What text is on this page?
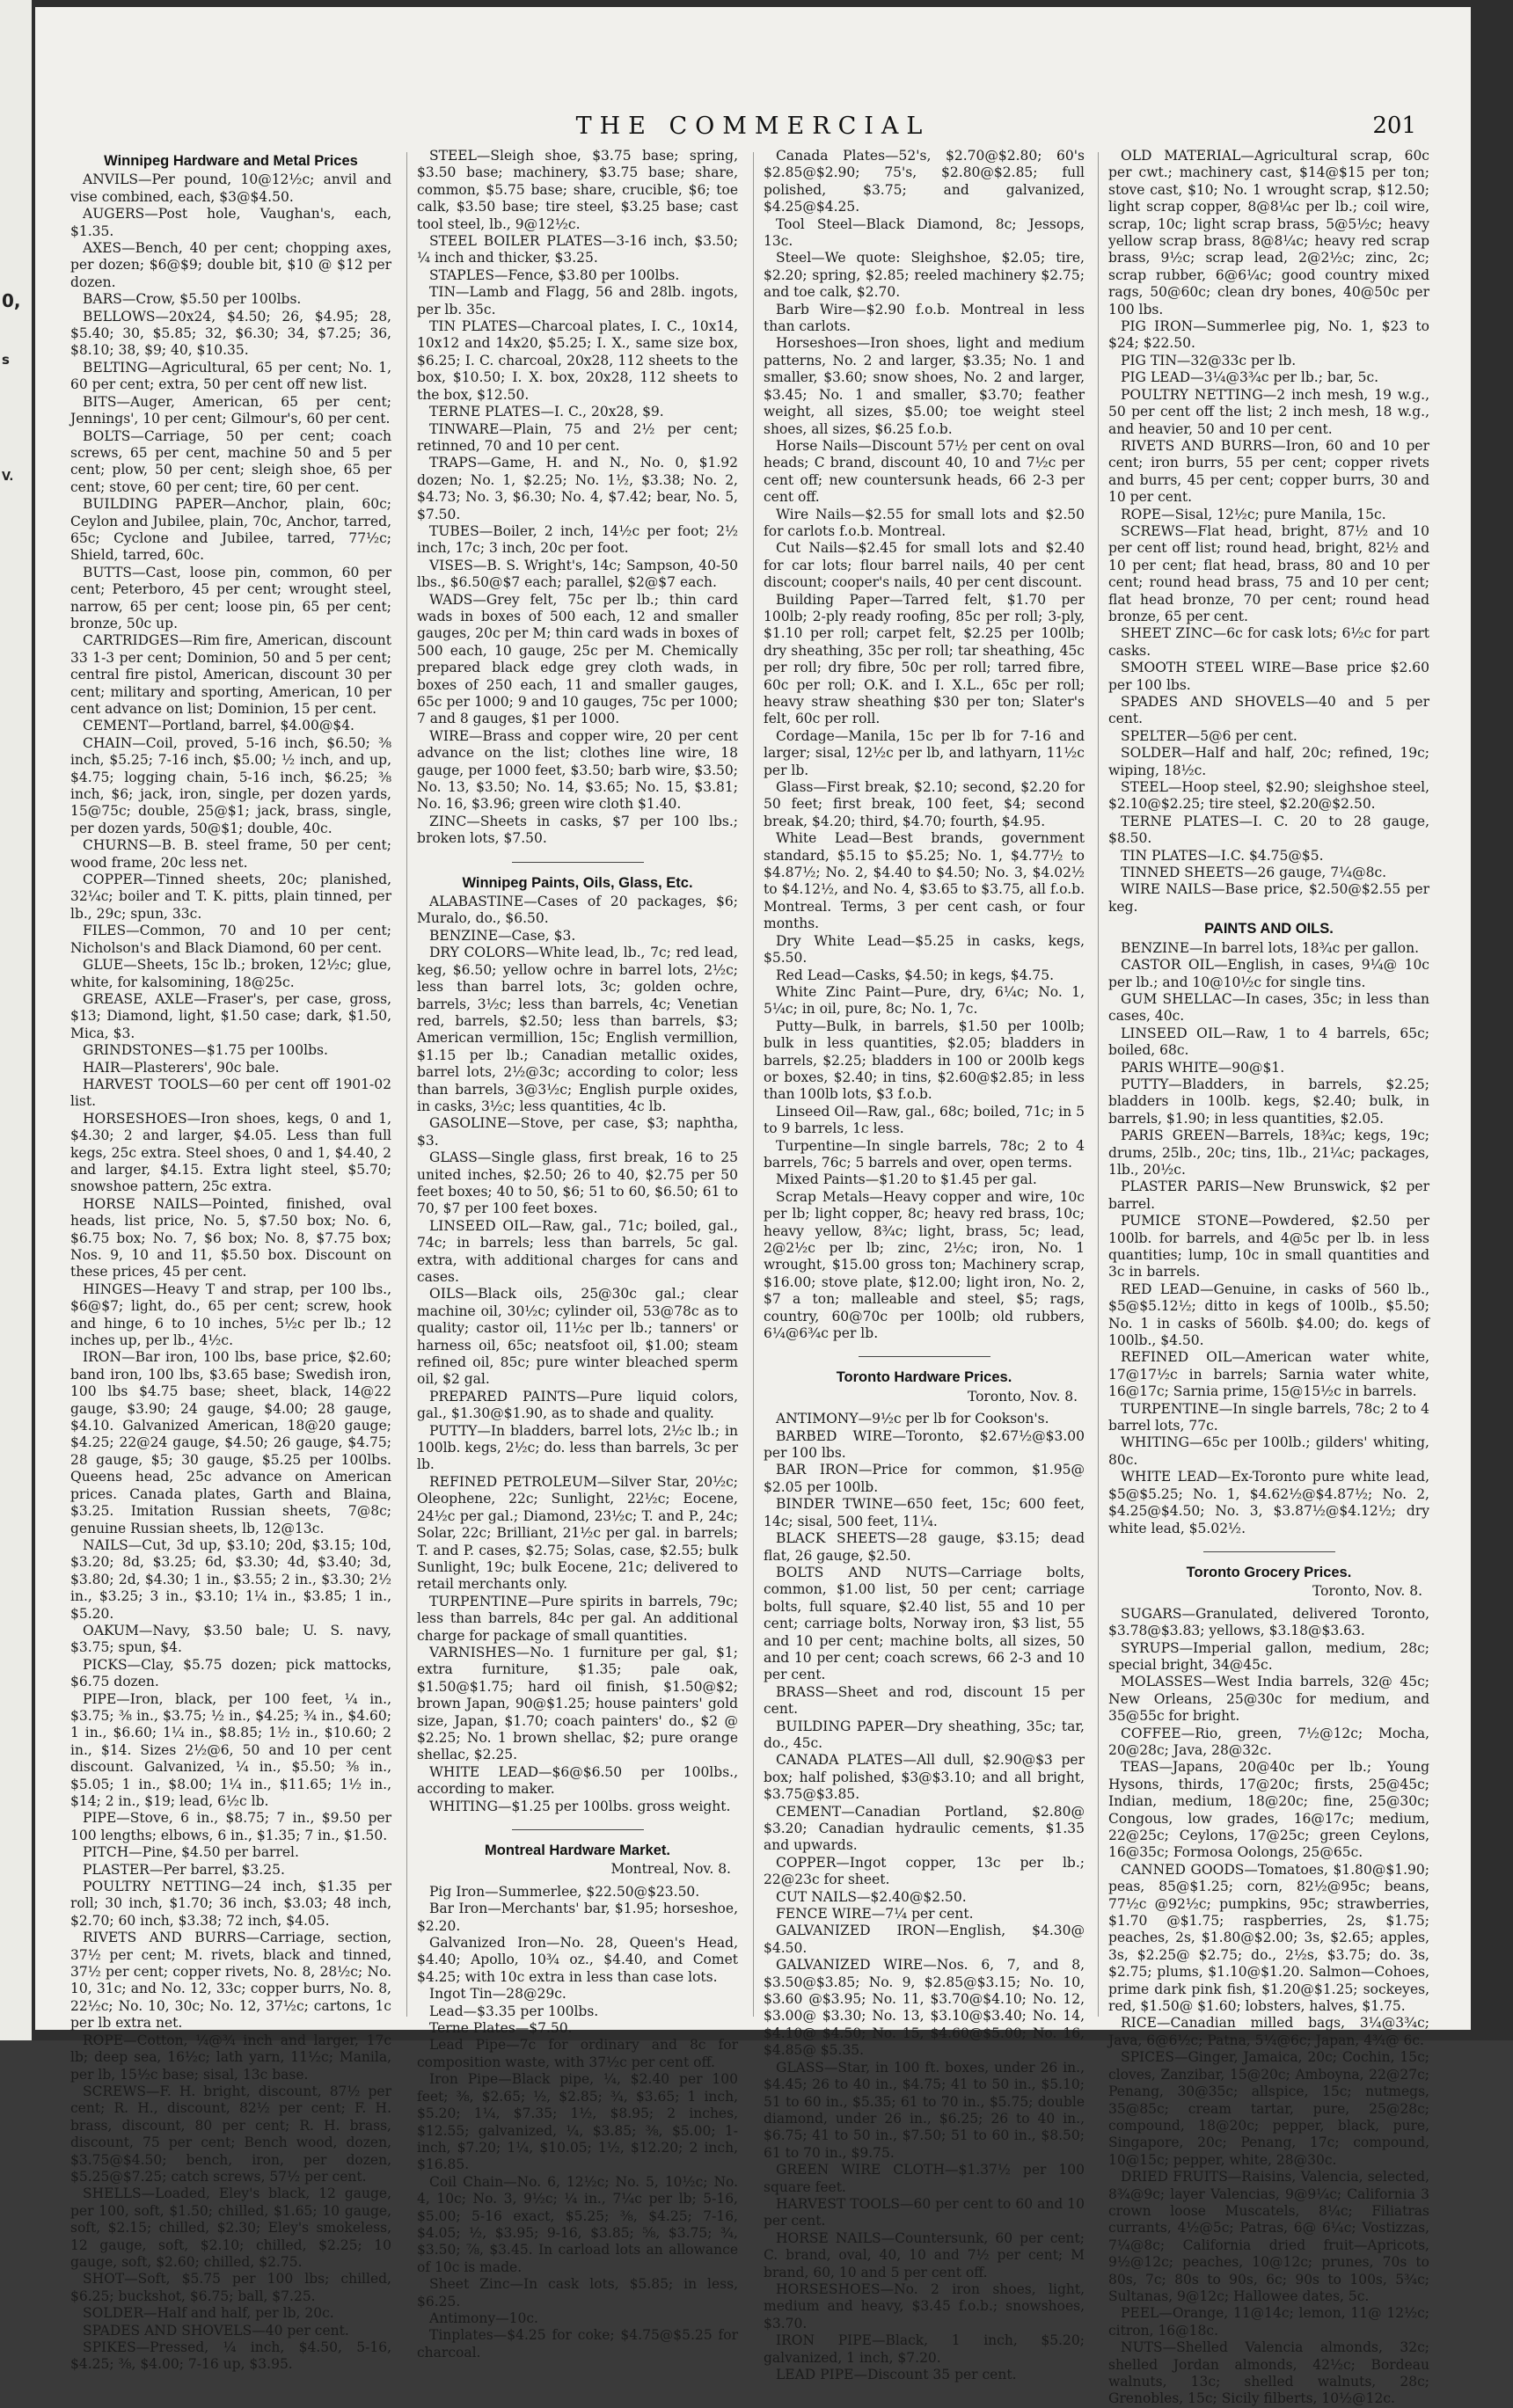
0,
s
V.
THE COMMERCIAL	201
Winnipeg Hardware and Metal Prices

ANVILS—Per pound, 10@12½c; anvil and vise combined, each, $3@$4.50.

AUGERS—Post hole, Vaughan's, each, $1.35.

AXES—Bench, 40 per cent; chopping axes, per dozen; $6@$9; double bit, $10 @ $12 per dozen.

BARS—Crow, $5.50 per 100lbs.

BELLOWS—20x24, $4.50; 26, $4.95; 28, $5.40; 30, $5.85; 32, $6.30; 34, $7.25; 36, $8.10; 38, $9; 40, $10.35.

BELTING—Agricultural, 65 per cent; No. 1, 60 per cent; extra, 50 per cent off new list.

BITS—Auger, American, 65 per cent; Jennings', 10 per cent; Gilmour's, 60 per cent.

BOLTS—Carriage, 50 per cent; coach screws, 65 per cent, machine 50 and 5 per cent; plow, 50 per cent; sleigh shoe, 65 per cent; stove, 60 per cent; tire, 60 per cent.

BUILDING PAPER—Anchor, plain, 60c; Ceylon and Jubilee, plain, 70c, Anchor, tarred, 65c; Cyclone and Jubilee, tarred, 77½c; Shield, tarred, 60c.

BUTTS—Cast, loose pin, common, 60 per cent; Peterboro, 45 per cent; wrought steel, narrow, 65 per cent; loose pin, 65 per cent; bronze, 50c up.

CARTRIDGES—Rim fire, American, discount 33 1-3 per cent; Dominion, 50 and 5 per cent; central fire pistol, American, discount 30 per cent; military and sporting, American, 10 per cent advance on list; Dominion, 15 per cent.

CEMENT—Portland, barrel, $4.00@$4.

CHAIN—Coil, proved, 5-16 inch, $6.50; ⅜ inch, $5.25; 7-16 inch, $5.00; ½ inch, and up, $4.75; logging chain, 5-16 inch, $6.25; ⅜ inch, $6; jack, iron, single, per dozen yards, 15@75c; double, 25@$1; jack, brass, single, per dozen yards, 50@$1; double, 40c.

CHURNS—B. B. steel frame, 50 per cent; wood frame, 20c less net.

COPPER—Tinned sheets, 20c; planished, 32¼c; boiler and T. K. pitts, plain tinned, per lb., 29c; spun, 33c.

FILES—Common, 70 and 10 per cent; Nicholson's and Black Diamond, 60 per cent.

GLUE—Sheets, 15c lb.; broken, 12½c; glue, white, for kalsomining, 18@25c.

GREASE, AXLE—Fraser's, per case, gross, $13; Diamond, light, $1.50 case; dark, $1.50, Mica, $3.

GRINDSTONES—$1.75 per 100lbs.

HAIR—Plasterers', 90c bale.

HARVEST TOOLS—60 per cent off 1901-02 list.

HORSESHOES—Iron shoes, kegs, 0 and 1, $4.30; 2 and larger, $4.05. Less than full kegs, 25c extra. Steel shoes, 0 and 1, $4.40, 2 and larger, $4.15. Extra light steel, $5.70; snowshoe pattern, 25c extra.

HORSE NAILS—Pointed, finished, oval heads, list price, No. 5, $7.50 box; No. 6, $6.75 box; No. 7, $6 box; No. 8, $7.75 box; Nos. 9, 10 and 11, $5.50 box. Discount on these prices, 45 per cent.

HINGES—Heavy T and strap, per 100 lbs., $6@$7; light, do., 65 per cent; screw, hook and hinge, 6 to 10 inches, 5½c per lb.; 12 inches up, per lb., 4½c.

IRON—Bar iron, 100 lbs, base price, $2.60; band iron, 100 lbs, $3.65 base; Swedish iron, 100 lbs $4.75 base; sheet, black, 14@22 gauge, $3.90; 24 gauge, $4.00; 28 gauge, $4.10. Galvanized American, 18@20 gauge; $4.25; 22@24 gauge, $4.50; 26 gauge, $4.75; 28 gauge, $5; 30 gauge, $5.25 per 100lbs. Queens head, 25c advance on American prices. Canada plates, Garth and Blaina, $3.25. Imitation Russian sheets, 7@8c; genuine Russian sheets, lb, 12@13c.

NAILS—Cut, 3d up, $3.10; 20d, $3.15; 10d, $3.20; 8d, $3.25; 6d, $3.30; 4d, $3.40; 3d, $3.80; 2d, $4.30; 1 in., $3.55; 2 in., $3.30; 2½ in., $3.25; 3 in., $3.10; 1¼ in., $3.85; 1 in., $5.20.

OAKUM—Navy, $3.50 bale; U. S. navy, $3.75; spun, $4.

PICKS—Clay, $5.75 dozen; pick mattocks, $6.75 dozen.

PIPE—Iron, black, per 100 feet, ¼ in., $3.75; ⅜ in., $3.75; ½ in., $4.25; ¾ in., $4.60; 1 in., $6.60; 1¼ in., $8.85; 1½ in., $10.60; 2 in., $14. Sizes 2½@6, 50 and 10 per cent discount. Galvanized, ¼ in., $5.50; ⅜ in., $5.05; 1 in., $8.00; 1¼ in., $11.65; 1½ in., $14; 2 in., $19; lead, 6½c lb.

PIPE—Stove, 6 in., $8.75; 7 in., $9.50 per 100 lengths; elbows, 6 in., $1.35; 7 in., $1.50.

PITCH—Pine, $4.50 per barrel.

PLASTER—Per barrel, $3.25.

POULTRY NETTING—24 inch, $1.35 per roll; 30 inch, $1.70; 36 inch, $3.03; 48 inch, $2.70; 60 inch, $3.38; 72 inch, $4.05.

RIVETS AND BURRS—Carriage, section, 37½ per cent; M. rivets, black and tinned, 37½ per cent; copper rivets, No. 8, 28½c; No. 10, 31c; and No. 12, 33c; copper burrs, No. 8, 22½c; No. 10, 30c; No. 12, 37½c; cartons, 1c per lb extra net.

ROPE—Cotton, ¼@¾ inch and larger, 17c lb; deep sea, 16½c; lath yarn, 11½c; Manila, per lb, 15½c base; sisal, 13c base.

SCREWS—F. H. bright, discount, 87½ per cent; R. H., discount, 82½ per cent; F. H. brass, discount, 80 per cent; R. H. brass, discount, 75 per cent; Bench wood, dozen, $3.75@$4.50; bench, iron, per dozen, $5.25@$7.25; catch screws, 57½ per cent.

SHELLS—Loaded, Eley's black, 12 gauge, per 100, soft, $1.50; chilled, $1.65; 10 gauge, soft, $2.15; chilled, $2.30; Eley's smokeless, 12 gauge, soft, $2.10; chilled, $2.25; 10 gauge, soft, $2.60; chilled, $2.75.

SHOT—Soft, $5.75 per 100 lbs; chilled, $6.25; buckshot, $6.75; ball, $7.25.

SOLDER—Half and half, per lb, 20c.

SPADES AND SHOVELS—40 per cent.

SPIKES—Pressed, ¼ inch, $4.50, 5-16, $4.25; ⅜, $4.00; 7-16 up, $3.95.

STEEL—Sleigh shoe, $3.75 base; spring, $3.50 base; machinery, $3.75 base; share, common, $5.75 base; share, crucible, $6; toe calk, $3.50 base; tire steel, $3.25 base; cast tool steel, lb., 9@12½c.

STEEL BOILER PLATES—3-16 inch, $3.50; ¼ inch and thicker, $3.25.

STAPLES—Fence, $3.80 per 100lbs.

TIN—Lamb and Flagg, 56 and 28lb. ingots, per lb. 35c.

TIN PLATES—Charcoal plates, I. C., 10x14, 10x12 and 14x20, $5.25; I. X., same size box, $6.25; I. C. charcoal, 20x28, 112 sheets to the box, $10.50; I. X. box, 20x28, 112 sheets to the box, $12.50.

TERNE PLATES—I. C., 20x28, $9.

TINWARE—Plain, 75 and 2½ per cent; retinned, 70 and 10 per cent.

TRAPS—Game, H. and N., No. 0, $1.92 dozen; No. 1, $2.25; No. 1½, $3.38; No. 2, $4.73; No. 3, $6.30; No. 4, $7.42; bear, No. 5, $7.50.

TUBES—Boiler, 2 inch, 14½c per foot; 2½ inch, 17c; 3 inch, 20c per foot.

VISES—B. S. Wright's, 14c; Sampson, 40-50 lbs., $6.50@$7 each; parallel, $2@$7 each.

WADS—Grey felt, 75c per lb.; thin card wads in boxes of 500 each, 12 and smaller gauges, 20c per M; thin card wads in boxes of 500 each, 10 gauge, 25c per M. Chemically prepared black edge grey cloth wads, in boxes of 250 each, 11 and smaller gauges, 65c per 1000; 9 and 10 gauges, 75c per 1000; 7 and 8 gauges, $1 per 1000.

WIRE—Brass and copper wire, 20 per cent advance on the list; clothes line wire, 18 gauge, per 1000 feet, $3.50; barb wire, $3.50; No. 13, $3.50; No. 14, $3.65; No. 15, $3.81; No. 16, $3.96; green wire cloth $1.40.

ZINC—Sheets in casks, $7 per 100 lbs.; broken lots, $7.50.

Winnipeg Paints, Oils, Glass, Etc.

ALABASTINE—Cases of 20 packages, $6; Muralo, do., $6.50.

BENZINE—Case, $3.

DRY COLORS—White lead, lb., 7c; red lead, keg, $6.50; yellow ochre in barrel lots, 2½c; less than barrel lots, 3c; golden ochre, barrels, 3½c; less than barrels, 4c; Venetian red, barrels, $2.50; less than barrels, $3; American vermillion, 15c; English vermillion, $1.15 per lb.; Canadian metallic oxides, barrel lots, 2½@3c; according to color; less than barrels, 3@3½c; English purple oxides, in casks, 3½c; less quantities, 4c lb.

GASOLINE—Stove, per case, $3; naphtha, $3.

GLASS—Single glass, first break, 16 to 25 united inches, $2.50; 26 to 40, $2.75 per 50 feet boxes; 40 to 50, $6; 51 to 60, $6.50; 61 to 70, $7 per 100 feet boxes.

LINSEED OIL—Raw, gal., 71c; boiled, gal., 74c; in barrels; less than barrels, 5c gal. extra, with additional charges for cans and cases.

OILS—Black oils, 25@30c gal.; clear machine oil, 30½c; cylinder oil, 53@78c as to quality; castor oil, 11½c per lb.; tanners' or harness oil, 65c; neatsfoot oil, $1.00; steam refined oil, 85c; pure winter bleached sperm oil, $2 gal.

PREPARED PAINTS—Pure liquid colors, gal., $1.30@$1.90, as to shade and quality.

PUTTY—In bladders, barrel lots, 2½c lb.; in 100lb. kegs, 2½c; do. less than barrels, 3c per lb.

REFINED PETROLEUM—Silver Star, 20½c; Oleophene, 22c; Sunlight, 22½c; Eocene, 24½c per gal.; Diamond, 23½c; T. and P., 24c; Solar, 22c; Brilliant, 21½c per gal. in barrels; T. and P. cases, $2.75; Solas, case, $2.55; bulk Sunlight, 19c; bulk Eocene, 21c; delivered to retail merchants only.

TURPENTINE—Pure spirits in barrels, 79c; less than barrels, 84c per gal. An additional charge for package of small quantities.

VARNISHES—No. 1 furniture per gal, $1; extra furniture, $1.35; pale oak, $1.50@$1.75; hard oil finish, $1.50@$2; brown Japan, 90@$1.25; house painters' gold size, Japan, $1.70; coach painters' do., $2 @ $2.25; No. 1 brown shellac, $2; pure orange shellac, $2.25.

WHITE LEAD—$6@$6.50 per 100lbs., according to maker.

WHITING—$1.25 per 100lbs. gross weight.

Montreal Hardware Market.
Montreal, Nov. 8.

Pig Iron—Summerlee, $22.50@$23.50.

Bar Iron—Merchants' bar, $1.95; horseshoe, $2.20.

Galvanized Iron—No. 28, Queen's Head, $4.40; Apollo, 10¾ oz., $4.40, and Comet $4.25; with 10c extra in less than case lots.

Ingot Tin—28@29c.

Lead—$3.35 per 100lbs.

Terne Plates—$7.50.

Lead Pipe—7c for ordinary and 8c for composition waste, with 37½c per cent off.

Iron Pipe—Black pipe, ¼, $2.40 per 100 feet; ⅜, $2.65; ½, $2.85; ¾, $3.65; 1 inch, $5.20; 1¼, $7.35; 1½, $8.95; 2 inches, $12.55; galvanized, ¼, $3.85; ⅜, $5.00; 1-inch, $7.20; 1¼, $10.05; 1½, $12.20; 2 inch, $16.85.

Coil Chain—No. 6, 12½c; No. 5, 10½c; No. 4, 10c; No. 3, 9½c; ¼ in., 7¼c per lb; 5-16, $5.00; 5-16 exact, $5.25; ⅜, $4.25; 7-16, $4.05; ½, $3.95; 9-16, $3.85; ⅝, $3.75; ¾, $3.50; ⅞, $3.45. In carload lots an allowance of 10c is made.

Sheet Zinc—In cask lots, $5.85; in less, $6.25.

Antimony—10c.

Tinplates—$4.25 for coke; $4.75@$5.25 for charcoal.

Canada Plates—52's, $2.70@$2.80; 60's $2.85@$2.90; 75's, $2.80@$2.85; full polished, $3.75; and galvanized, $4.25@$4.25.

Tool Steel—Black Diamond, 8c; Jessops, 13c.

Steel—We quote: Sleighshoe, $2.05; tire, $2.20; spring, $2.85; reeled machinery $2.75; and toe calk, $2.70.

Barb Wire—$2.90 f.o.b. Montreal in less than carlots.

Horseshoes—Iron shoes, light and medium patterns, No. 2 and larger, $3.35; No. 1 and smaller, $3.60; snow shoes, No. 2 and larger, $3.45; No. 1 and smaller, $3.70; feather weight, all sizes, $5.00; toe weight steel shoes, all sizes, $6.25 f.o.b.

Horse Nails—Discount 57½ per cent on oval heads; C brand, discount 40, 10 and 7½c per cent off; new countersunk heads, 66 2-3 per cent off.

Wire Nails—$2.55 for small lots and $2.50 for carlots f.o.b. Montreal.

Cut Nails—$2.45 for small lots and $2.40 for car lots; flour barrel nails, 40 per cent discount; cooper's nails, 40 per cent discount.

Building Paper—Tarred felt, $1.70 per 100lb; 2-ply ready roofing, 85c per roll; 3-ply, $1.10 per roll; carpet felt, $2.25 per 100lb; dry sheathing, 35c per roll; tar sheathing, 45c per roll; dry fibre, 50c per roll; tarred fibre, 60c per roll; O.K. and I. X.L., 65c per roll; heavy straw sheathing $30 per ton; Slater's felt, 60c per roll.

Cordage—Manila, 15c per lb for 7-16 and larger; sisal, 12½c per lb, and lathyarn, 11½c per lb.

Glass—First break, $2.10; second, $2.20 for 50 feet; first break, 100 feet, $4; second break, $4.20; third, $4.70; fourth, $4.95.

White Lead—Best brands, government standard, $5.15 to $5.25; No. 1, $4.77½ to $4.87½; No. 2, $4.40 to $4.50; No. 3, $4.02½ to $4.12½, and No. 4, $3.65 to $3.75, all f.o.b. Montreal. Terms, 3 per cent cash, or four months.

Dry White Lead—$5.25 in casks, kegs, $5.50.

Red Lead—Casks, $4.50; in kegs, $4.75.

White Zinc Paint—Pure, dry, 6¼c; No. 1, 5¼c; in oil, pure, 8c; No. 1, 7c.

Putty—Bulk, in barrels, $1.50 per 100lb; bulk in less quantities, $2.05; bladders in barrels, $2.25; bladders in 100 or 200lb kegs or boxes, $2.40; in tins, $2.60@$2.85; in less than 100lb lots, $3 f.o.b.

Linseed Oil—Raw, gal., 68c; boiled, 71c; in 5 to 9 barrels, 1c less.

Turpentine—In single barrels, 78c; 2 to 4 barrels, 76c; 5 barrels and over, open terms.

Mixed Paints—$1.20 to $1.45 per gal.

Scrap Metals—Heavy copper and wire, 10c per lb; light copper, 8c; heavy red brass, 10c; heavy yellow, 8¾c; light, brass, 5c; lead, 2@2½c per lb; zinc, 2½c; iron, No. 1 wrought, $15.00 gross ton; Machinery scrap, $16.00; stove plate, $12.00; light iron, No. 2, $7 a ton; malleable and steel, $5; rags, country, 60@70c per 100lb; old rubbers, 6¼@6¾c per lb.

Toronto Hardware Prices.
Toronto, Nov. 8.

ANTIMONY—9½c per lb for Cookson's.

BARBED WIRE—Toronto, $2.67½@$3.00 per 100 lbs.

BAR IRON—Price for common, $1.95@ $2.05 per 100lb.

BINDER TWINE—650 feet, 15c; 600 feet, 14c; sisal, 500 feet, 11¼.

BLACK SHEETS—28 gauge, $3.15; dead flat, 26 gauge, $2.50.

BOLTS AND NUTS—Carriage bolts, common, $1.00 list, 50 per cent; carriage bolts, full square, $2.40 list, 55 and 10 per cent; carriage bolts, Norway iron, $3 list, 55 and 10 per cent; machine bolts, all sizes, 50 and 10 per cent; coach screws, 66 2-3 and 10 per cent.

BRASS—Sheet and rod, discount 15 per cent.

BUILDING PAPER—Dry sheathing, 35c; tar, do., 45c.

CANADA PLATES—All dull, $2.90@$3 per box; half polished, $3@$3.10; and all bright, $3.75@$3.85.

CEMENT—Canadian Portland, $2.80@ $3.20; Canadian hydraulic cements, $1.35 and upwards.

COPPER—Ingot copper, 13c per lb.; 22@23c for sheet.

CUT NAILS—$2.40@$2.50.

FENCE WIRE—7¼ per cent.

GALVANIZED IRON—English, $4.30@ $4.50.

GALVANIZED WIRE—Nos. 6, 7, and 8, $3.50@$3.85; No. 9, $2.85@$3.15; No. 10, $3.60 @$3.95; No. 11, $3.70@$4.10; No. 12, $3.00@ $3.30; No. 13, $3.10@$3.40; No. 14, $4.10@ $4.50; No. 15, $4.60@$5.00; No. 16, $4.85@ $5.35.

GLASS—Star, in 100 ft. boxes, under 26 in., $4.45; 26 to 40 in., $4.75; 41 to 50 in., $5.10; 51 to 60 in., $5.35; 61 to 70 in., $5.75; double diamond, under 26 in., $6.25; 26 to 40 in., $6.75; 41 to 50 in., $7.50; 51 to 60 in., $8.50; 61 to 70 in., $9.75.

GREEN WIRE CLOTH—$1.37½ per 100 square feet.

HARVEST TOOLS—60 per cent to 60 and 10 per cent.

HORSE NAILS—Countersunk, 60 per cent; C. brand, oval, 40, 10 and 7½ per cent; M brand, 60, 10 and 5 per cent off.

HORSESHOES—No. 2 iron shoes, light, medium and heavy, $3.45 f.o.b.; snowshoes, $3.70.

IRON PIPE—Black, 1 inch, $5.20; galvanized, 1 inch, $7.20.

LEAD PIPE—Discount 35 per cent.

OLD MATERIAL—Agricultural scrap, 60c per cwt.; machinery cast, $14@$15 per ton; stove cast, $10; No. 1 wrought scrap, $12.50; light scrap copper, 8@8¼c per lb.; coil wire, scrap, 10c; light scrap brass, 5@5½c; heavy yellow scrap brass, 8@8¼c; heavy red scrap brass, 9½c; scrap lead, 2@2½c; zinc, 2c; scrap rubber, 6@6¼c; good country mixed rags, 50@60c; clean dry bones, 40@50c per 100 lbs.

PIG IRON—Summerlee pig, No. 1, $23 to $24; $22.50.

PIG TIN—32@33c per lb.

PIG LEAD—3¼@3¾c per lb.; bar, 5c.

POULTRY NETTING—2 inch mesh, 19 w.g., 50 per cent off the list; 2 inch mesh, 18 w.g., and heavier, 50 and 10 per cent.

RIVETS AND BURRS—Iron, 60 and 10 per cent; iron burrs, 55 per cent; copper rivets and burrs, 45 per cent; copper burrs, 30 and 10 per cent.

ROPE—Sisal, 12½c; pure Manila, 15c.

SCREWS—Flat head, bright, 87½ and 10 per cent off list; round head, bright, 82½ and 10 per cent; flat head, brass, 80 and 10 per cent; round head brass, 75 and 10 per cent; flat head bronze, 70 per cent; round head bronze, 65 per cent.

SHEET ZINC—6c for cask lots; 6½c for part casks.

SMOOTH STEEL WIRE—Base price $2.60 per 100 lbs.

SPADES AND SHOVELS—40 and 5 per cent.

SPELTER—5@6 per cent.

SOLDER—Half and half, 20c; refined, 19c; wiping, 18½c.

STEEL—Hoop steel, $2.90; sleighshoe steel, $2.10@$2.25; tire steel, $2.20@$2.50.

TERNE PLATES—I. C. 20 to 28 gauge, $8.50.

TIN PLATES—I.C. $4.75@$5.

TINNED SHEETS—26 gauge, 7¼@8c.

WIRE NAILS—Base price, $2.50@$2.55 per keg.

PAINTS AND OILS.

BENZINE—In barrel lots, 18¾c per gallon.

CASTOR OIL—English, in cases, 9¼@ 10c per lb.; and 10@10½c for single tins.

GUM SHELLAC—In cases, 35c; in less than cases, 40c.

LINSEED OIL—Raw, 1 to 4 barrels, 65c; boiled, 68c.

PARIS WHITE—90@$1.

PUTTY—Bladders, in barrels, $2.25; bladders in 100lb. kegs, $2.40; bulk, in barrels, $1.90; in less quantities, $2.05.

PARIS GREEN—Barrels, 18¾c; kegs, 19c; drums, 25lb., 20c; tins, 1lb., 21¼c; packages, 1lb., 20½c.

PLASTER PARIS—New Brunswick, $2 per barrel.

PUMICE STONE—Powdered, $2.50 per 100lb. for barrels, and 4@5c per lb. in less quantities; lump, 10c in small quantities and 3c in barrels.

RED LEAD—Genuine, in casks of 560 lb., $5@$5.12½; ditto in kegs of 100lb., $5.50; No. 1 in casks of 560lb. $4.00; do. kegs of 100lb., $4.50.

REFINED OIL—American water white, 17@17½c in barrels; Sarnia water white, 16@17c; Sarnia prime, 15@15½c in barrels.

TURPENTINE—In single barrels, 78c; 2 to 4 barrel lots, 77c.

WHITING—65c per 100lb.; gilders' whiting, 80c.

WHITE LEAD—Ex-Toronto pure white lead, $5@$5.25; No. 1, $4.62½@$4.87½; No. 2, $4.25@$4.50; No. 3, $3.87½@$4.12½; dry white lead, $5.02½.

Toronto Grocery Prices.
Toronto, Nov. 8.

SUGARS—Granulated, delivered Toronto, $3.78@$3.83; yellows, $3.18@$3.63.

SYRUPS—Imperial gallon, medium, 28c; special bright, 34@45c.

MOLASSES—West India barrels, 32@ 45c; New Orleans, 25@30c for medium, and 35@55c for bright.

COFFEE—Rio, green, 7½@12c; Mocha, 20@28c; Java, 28@32c.

TEAS—Japans, 20@40c per lb.; Young Hysons, thirds, 17@20c; firsts, 25@45c; Indian, medium, 18@20c; fine, 25@30c; Congous, low grades, 16@17c; medium, 22@25c; Ceylons, 17@25c; green Ceylons, 16@35c; Formosa Oolongs, 25@65c.

CANNED GOODS—Tomatoes, $1.80@$1.90; peas, 85@$1.25; corn, 82½@95c; beans, 77½c @92½c; pumpkins, 95c; strawberries, $1.70 @$1.75; raspberries, 2s, $1.75; peaches, 2s, $1.80@$2.00; 3s, $2.65; apples, 3s, $2.25@ $2.75; do., 2½s, $3.75; do. 3s, $2.75; plums, $1.10@$1.20. Salmon—Cohoes, prime dark pink fish, $1.20@$1.25; sockeyes, red, $1.50@ $1.60; lobsters, halves, $1.75.

RICE—Canadian milled bags, 3¼@3¾c; Java, 6@6½c; Patna, 5¼@6c; Japan, 4¾@ 6c.

SPICES—Ginger, Jamaica, 20c; Cochin, 15c; cloves, Zanzibar, 15@20c; Amboyna, 22@27c; Penang, 30@35c; allspice, 15c; nutmegs, 35@85c; cream tartar, pure, 25@28c; compound, 18@20c; pepper, black, pure, Singapore, 20c; Penang, 17c; compound, 10@15c; pepper, white, 28@30c.

DRIED FRUITS—Raisins, Valencia, selected, 8¾@9c; layer Valencias, 9@9¼c; California 3 crown loose Muscatels, 8¼c; Filiatras currants, 4½@5c; Patras, 6@ 6¼c; Vostizzas, 7¼@8c; California dried fruit—Apricots, 9½@12c; peaches, 10@12c; prunes, 70s to 80s, 7c; 80s to 90s, 6c; 90s to 100s, 5¾c; Sultanas, 9@12c; Hallowee dates, 5c.

PEEL—Orange, 11@14c; lemon, 11@ 12½c; citron, 16@18c.

NUTS—Shelled Valencia almonds, 32c; shelled Jordan almonds, 42½c; Bordeau walnuts, 13c; shelled walnuts, 28c; Grenobles, 15c; Sicily filberts, 10½@12c.
